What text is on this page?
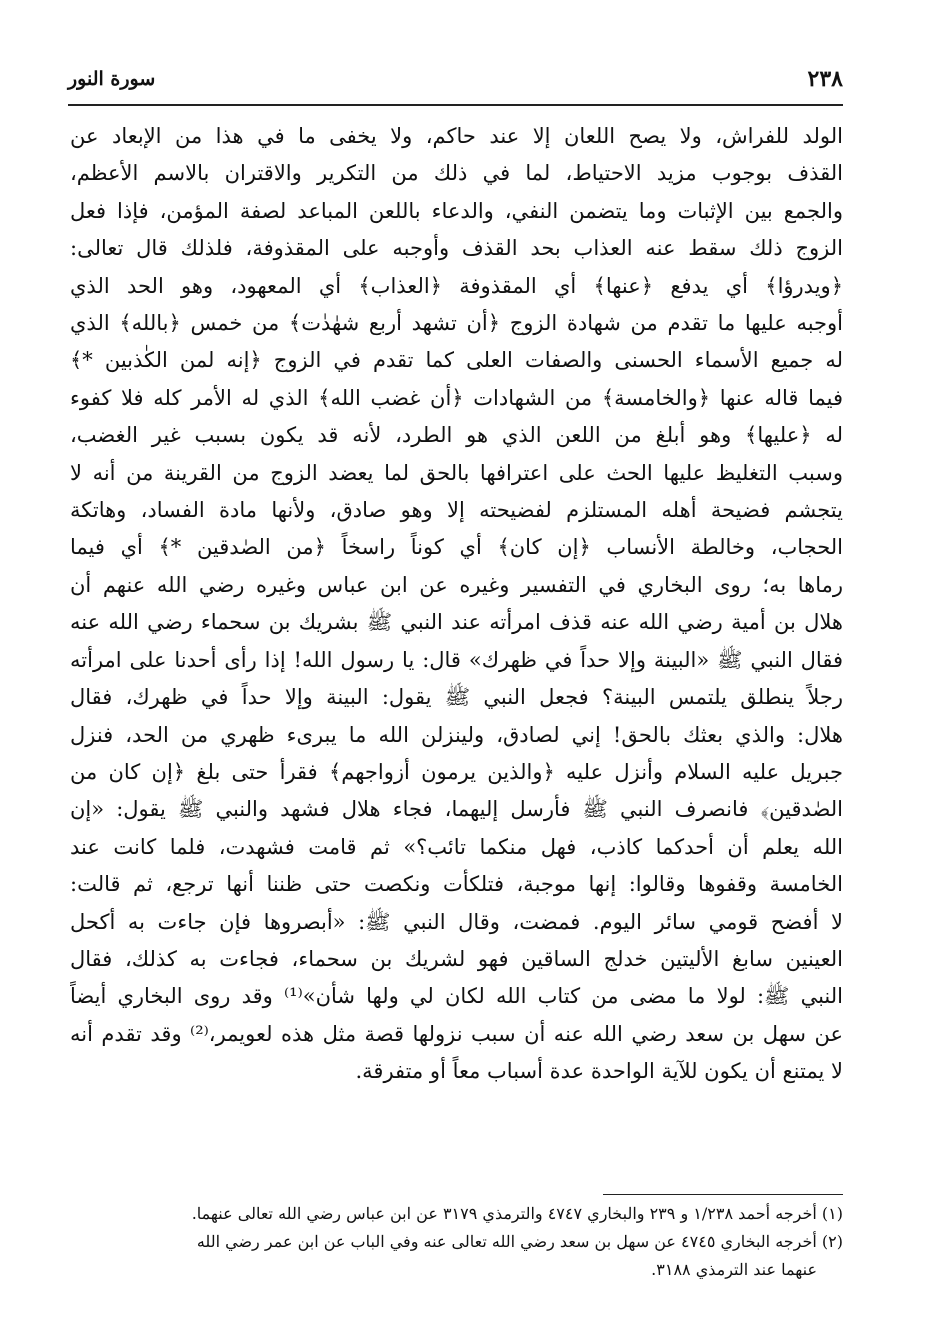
٢٣٨
سورة النور
الولد للفراش، ولا يصح اللعان إلا عند حاكم، ولا يخفى ما في هذا من الإبعاد عن
القذف بوجوب مزيد الاحتياط، لما في ذلك من التكرير والاقتران بالاسم الأعظم،
والجمع بين الإثبات وما يتضمن النفي، والدعاء باللعن المباعد لصفة المؤمن، فإذا فعل
الزوج ذلك سقط عنه العذاب بحد القذف وأوجبه على المقذوفة، فلذلك قال تعالى:
﴿ويدرؤا﴾ أي يدفع ﴿عنها﴾ أي المقذوفة ﴿العذاب﴾ أي المعهود، وهو الحد الذي
أوجبه عليها ما تقدم من شهادة الزوج ﴿أن تشهد أربع شهٰدٰت﴾ من خمس ﴿بالله﴾ الذي
له جميع الأسماء الحسنى والصفات العلى كما تقدم في الزوج ﴿إنه لمن الكٰذبين *﴾
فيما قاله عنها ﴿والخامسة﴾ من الشهادات ﴿أن غضب الله﴾ الذي له الأمر كله فلا كفوء
له ﴿عليها﴾ وهو أبلغ من اللعن الذي هو الطرد، لأنه قد يكون بسبب غير الغضب،
وسبب التغليظ عليها الحث على اعترافها بالحق لما يعضد الزوج من القرينة من أنه لا
يتجشم فضيحة أهله المستلزم لفضيحته إلا وهو صادق، ولأنها مادة الفساد، وهاتكة
الحجاب، وخالطة الأنساب ﴿إن كان﴾ أي كوناً راسخاً ﴿من الصٰدقين *﴾ أي فيما
رماها به؛ روى البخاري في التفسير وغيره عن ابن عباس وغيره رضي الله عنهم أن
هلال بن أمية رضي الله عنه قذف امرأته عند النبي ﷺ بشريك بن سحماء رضي الله عنه
فقال النبي ﷺ «البينة وإلا حداً في ظهرك» قال: يا رسول الله! إذا رأى أحدنا على امرأته
رجلاً ينطلق يلتمس البينة؟ فجعل النبي ﷺ يقول: البينة وإلا حداً في ظهرك، فقال
هلال: والذي بعثك بالحق! إني لصادق، ولينزلن الله ما يبرىء ظهري من الحد، فنزل
جبريل عليه السلام وأنزل عليه ﴿والذين يرمون أزواجهم﴾ فقرأ حتى بلغ ﴿إن كان من
الصٰدقين﴾ فانصرف النبي ﷺ فأرسل إليهما، فجاء هلال فشهد والنبي ﷺ يقول: «إن
الله يعلم أن أحدكما كاذب، فهل منكما تائب؟» ثم قامت فشهدت، فلما كانت عند
الخامسة وقفوها وقالوا: إنها موجبة، فتلكأت ونكصت حتى ظننا أنها ترجع، ثم قالت:
لا أفضح قومي سائر اليوم. فمضت، وقال النبي ﷺ: «أبصروها فإن جاءت به أكحل
العينين سابغ الأليتين خدلج الساقين فهو لشريك بن سحماء، فجاءت به كذلك، فقال
النبي ﷺ: لولا ما مضى من كتاب الله لكان لي ولها شأن»⁽¹⁾ وقد روى البخاري أيضاً
عن سهل بن سعد رضي الله عنه أن سبب نزولها قصة مثل هذه لعويمر،⁽²⁾ وقد تقدم أنه
لا يمتنع أن يكون للآية الواحدة عدة أسباب معاً أو متفرقة.
(١) أخرجه أحمد ١/٢٣٨ و ٢٣٩ والبخاري ٤٧٤٧ والترمذي ٣١٧٩ عن ابن عباس رضي الله تعالى عنهما.
(٢) أخرجه البخاري ٤٧٤٥ عن سهل بن سعد رضي الله تعالى عنه وفي الباب عن ابن عمر رضي الله
عنهما عند الترمذي ٣١٨٨.
